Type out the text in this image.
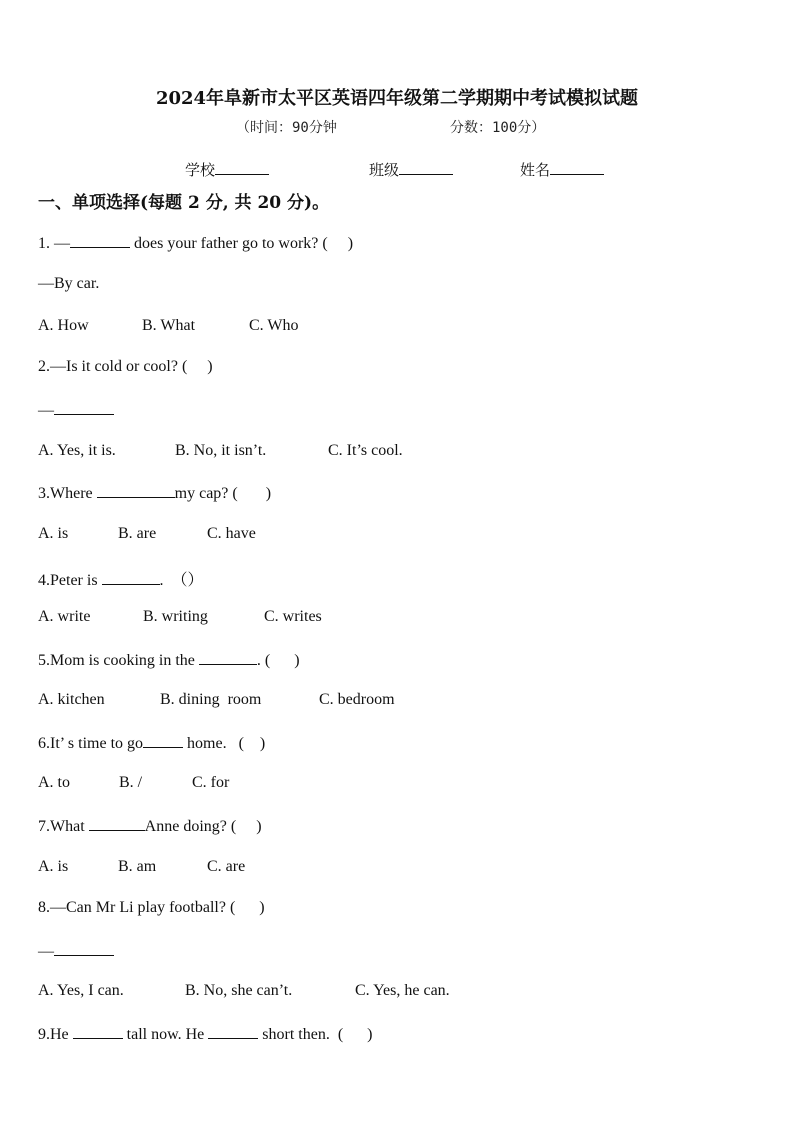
2024年阜新市太平区英语四年级第二学期期中考试模拟试题
（时间：90分钟	分数：100分）
学校	班级	姓名
一、单项选择(每题 2 分, 共 20 分)。
1. —	does your father go to work? (     )
—By car.
A. How	B. What	C. Who
2.—Is it cold or cool? (     )
—
A. Yes, it is.	B. No, it isn’t.	C. It’s cool.
3.Where	my cap? (       )
A. is	B. are	C. have
4.Peter is	.  （）
A. write	B. writing	C. writes
5.Mom is cooking in the	. (      )
A. kitchen	B. dining  room	C. bedroom
6.It’ s time to go	home.   (    )
A. to	B. /	C. for
7.What	Anne doing? (     )
A. is	B. am	C. are
8.—Can Mr Li play football? (      )
—
A. Yes, I can.	B. No, she can’t.	C. Yes, he can.
9.He	tall now. He	short then.  (      )
